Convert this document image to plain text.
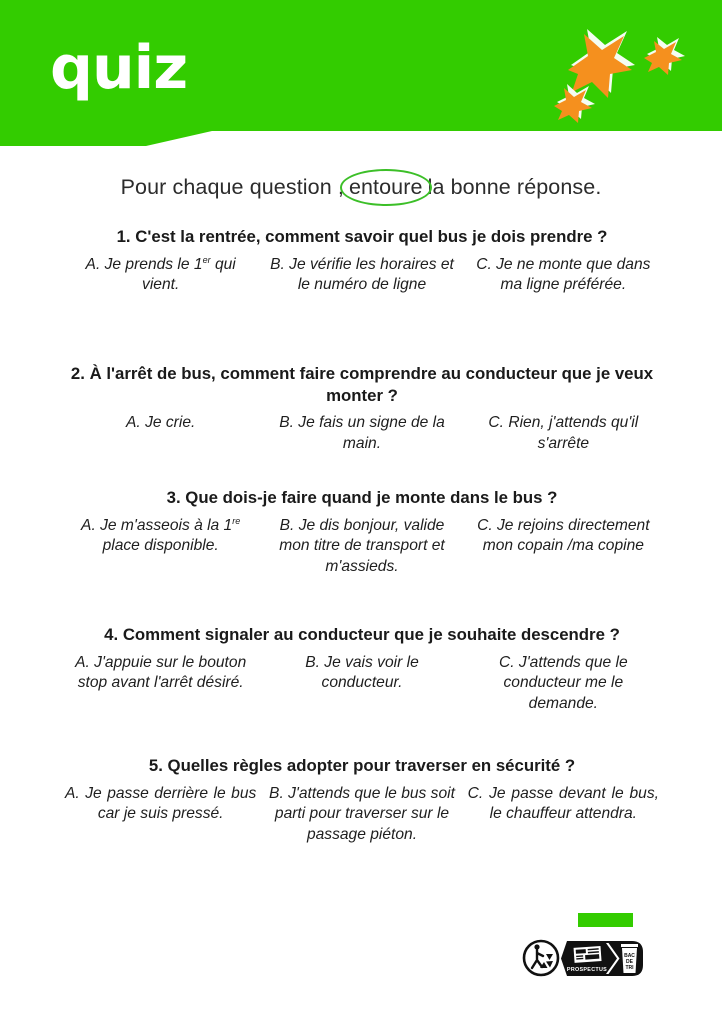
quiz
Pour chaque question , entoure la bonne réponse.
1. C'est la rentrée, comment savoir quel bus je dois prendre ?
A. Je prends le 1er qui vient.
B. Je vérifie les horaires et le numéro de ligne
C. Je ne monte que dans ma ligne préférée.
2. À l'arrêt de bus, comment faire comprendre au conducteur que je veux monter ?
A. Je crie.	B. Je fais un signe de la main.
C. Rien, j'attends qu'il s'arrête
3. Que dois-je faire quand je monte dans le bus ?
A. Je m'asseois à la 1re place disponible.
B. Je dis bonjour, valide mon titre de transport et m'assieds.
C. Je rejoins directement mon copain /ma copine
4. Comment signaler au conducteur que je souhaite descendre ?
A. J'appuie sur le bouton stop avant l'arrêt désiré.
B. Je vais voir le conducteur.
C. J'attends que le conducteur me le demande.
5. Quelles règles adopter pour traverser en sécurité ?
A. Je passe derrière le bus car je suis pressé.
B. J'attends que le bus soit parti pour traverser sur le passage piéton.
C. Je passe devant le bus, le chauffeur attendra.
PROSPECTUS
BAC
DE
TRI
